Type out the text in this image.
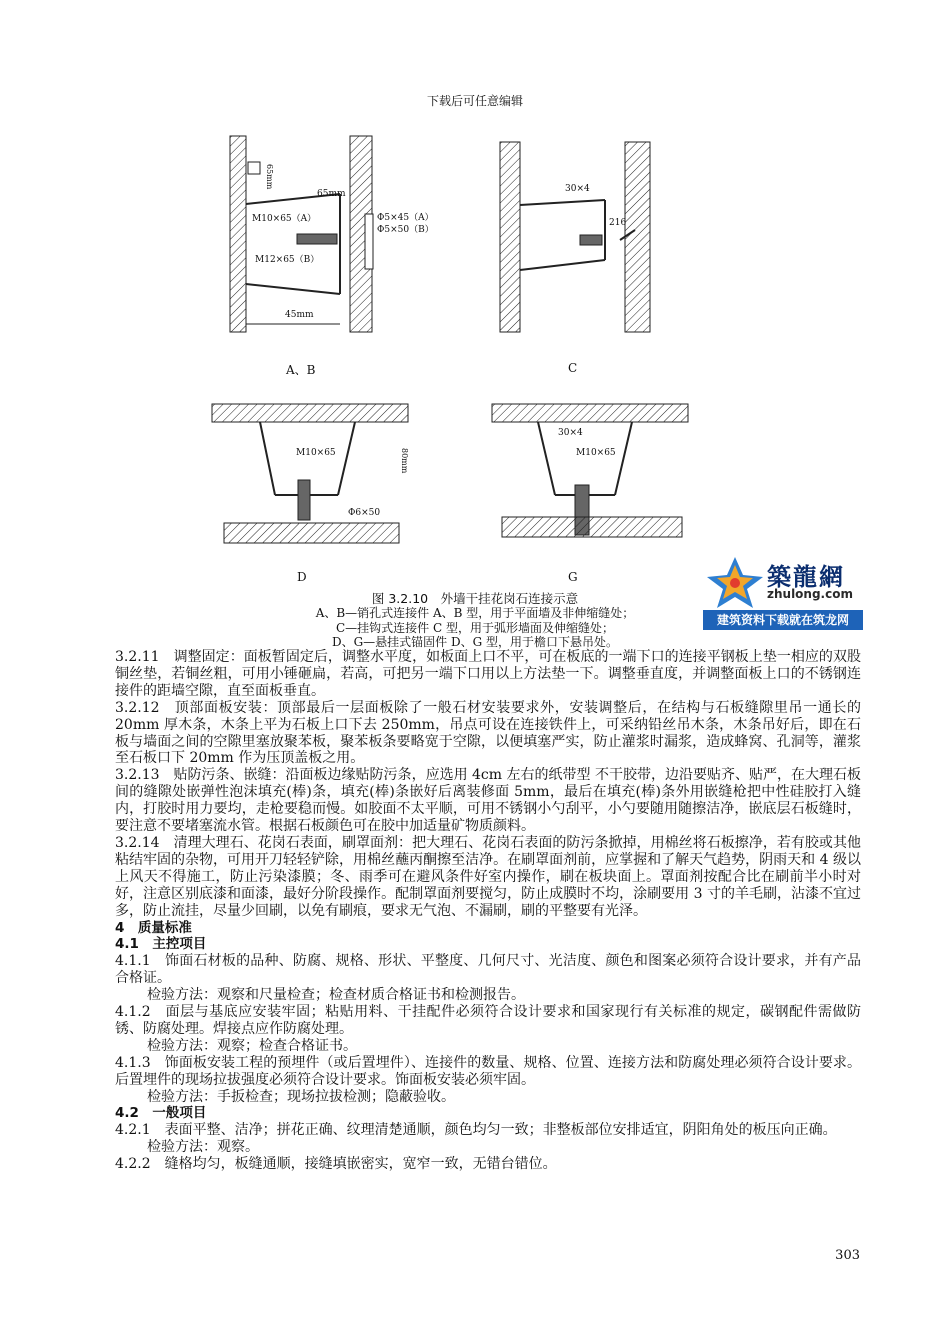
下载后可任意编辑
65mm
65mm
M10×65（A）
M12×65（B）
Φ5×45（A）
Φ5×50（B）
45mm
A、B
30×4
216
C
M10×65	80mm
Φ6×50
D
30×4
M10×65
G	築龍網
zhulong.com
建筑资料下载就在筑龙网
图 3.2.10　外墙干挂花岗石连接示意
A、B—销孔式连接件 A、B 型，用于平面墙及非伸缩缝处；
C—挂钩式连接件 C 型，用于弧形墙面及伸缩缝处；
D、G—悬挂式锚固件 D、G 型，用于檐口下悬吊处。

3.2.11　调整固定：面板暂固定后，调整水平度，如板面上口不平，可在板底的一端下口的连接平钢板上垫一相应的双股铜丝垫，若铜丝粗，可用小锤砸扁，若高，可把另一端下口用以上方法垫一下。调整垂直度，并调整面板上口的不锈钢连接件的距墙空隙，直至面板垂直。

3.2.12　顶部面板安装：顶部最后一层面板除了一般石材安装要求外，安装调整后，在结构与石板缝隙里吊一通长的 20mm 厚木条，木条上平为石板上口下去 250mm，吊点可设在连接铁件上，可采纳铅丝吊木条，木条吊好后，即在石板与墙面之间的空隙里塞放聚苯板，聚苯板条要略宽于空隙，以便填塞严实，防止灌浆时漏浆，造成蜂窝、孔洞等，灌浆至石板口下 20mm 作为压顶盖板之用。

3.2.13　贴防污条、嵌缝：沿面板边缘贴防污条，应选用 4cm 左右的纸带型 不干胶带，边沿要贴齐、贴严，在大理石板间的缝隙处嵌弹性泡沫填充(棒)条，填充(棒)条嵌好后离装修面 5mm，最后在填充(棒)条外用嵌缝枪把中性硅胶打入缝内，打胶时用力要均，走枪要稳而慢。如胶面不太平顺，可用不锈钢小勺刮平，小勺要随用随擦洁净，嵌底层石板缝时，要注意不要堵塞流水管。根据石板颜色可在胶中加适量矿物质颜料。

3.2.14　清理大理石、花岗石表面，刷罩面剂：把大理石、花岗石表面的防污条掀掉，用棉丝将石板擦净，若有胶或其他粘结牢固的杂物，可用开刀轻轻铲除，用棉丝蘸丙酮擦至洁净。在刷罩面剂前，应掌握和了解天气趋势，阴雨天和 4 级以上风天不得施工，防止污染漆膜；冬、雨季可在避风条件好室内操作，刷在板块面上。罩面剂按配合比在刷前半小时对好，注意区别底漆和面漆，最好分阶段操作。配制罩面剂要搅匀，防止成膜时不均，涂刷要用 3 寸的羊毛刷，沾漆不宜过多，防止流挂，尽量少回刷，以免有刷痕，要求无气泡、不漏刷，刷的平整要有光泽。

4　质量标准

4.1　主控项目

4.1.1　饰面石材板的品种、防腐、规格、形状、平整度、几何尺寸、光洁度、颜色和图案必须符合设计要求，并有产品合格证。

检验方法：观察和尺量检查；检查材质合格证书和检测报告。

4.1.2　面层与基底应安装牢固；粘贴用料、干挂配件必须符合设计要求和国家现行有关标准的规定，碳钢配件需做防锈、防腐处理。焊接点应作防腐处理。

检验方法：观察；检查合格证书。

4.1.3　饰面板安装工程的预埋件（或后置埋件）、连接件的数量、规格、位置、连接方法和防腐处理必须符合设计要求。后置埋件的现场拉拔强度必须符合设计要求。饰面板安装必须牢固。

检验方法：手扳检查；现场拉拔检测；隐蔽验收。

4.2　一般项目

4.2.1　表面平整、洁净；拼花正确、纹理清楚通顺，颜色均匀一致；非整板部位安排适宜，阴阳角处的板压向正确。

检验方法：观察。

4.2.2　缝格均匀，板缝通顺，接缝填嵌密实，宽窄一致，无错台错位。

303
